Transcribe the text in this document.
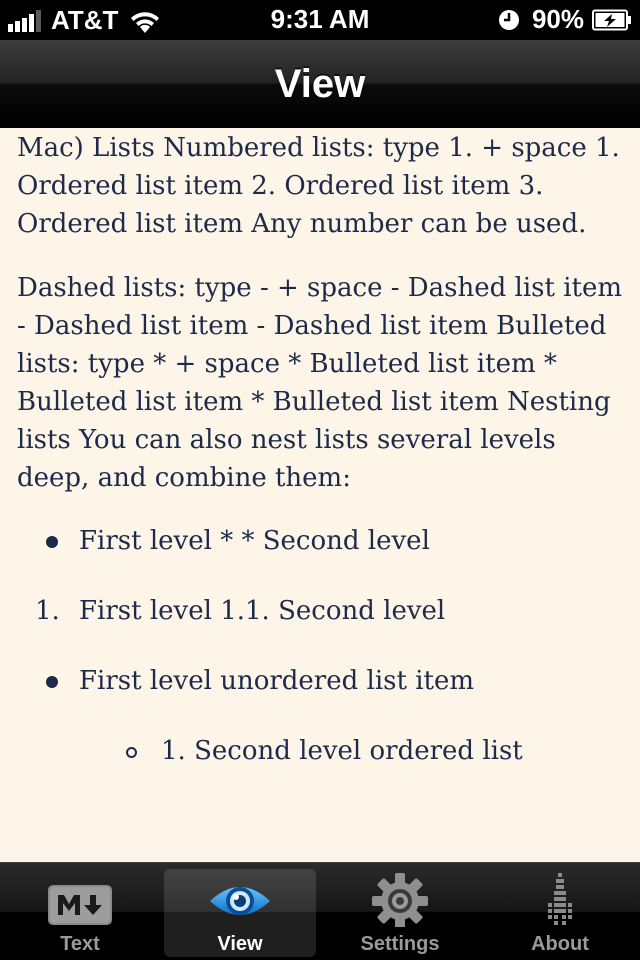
AT&T	9:31 AM	90%
View

Mac) Lists Numbered lists: type 1. + space 1. Ordered list item 2. Ordered list item 3. Ordered list item Any number can be used.

Dashed lists: type - + space - Dashed list item - Dashed list item - Dashed list item Bulleted lists: type * + space * Bulleted list item * Bulleted list item * Bulleted list item Nesting lists You can also nest lists several levels deep, and combine them:

First level * * Second level
1. First level 1.1. Second level
First level unordered list item
1. Second level ordered list
Text	View	Settings	About
